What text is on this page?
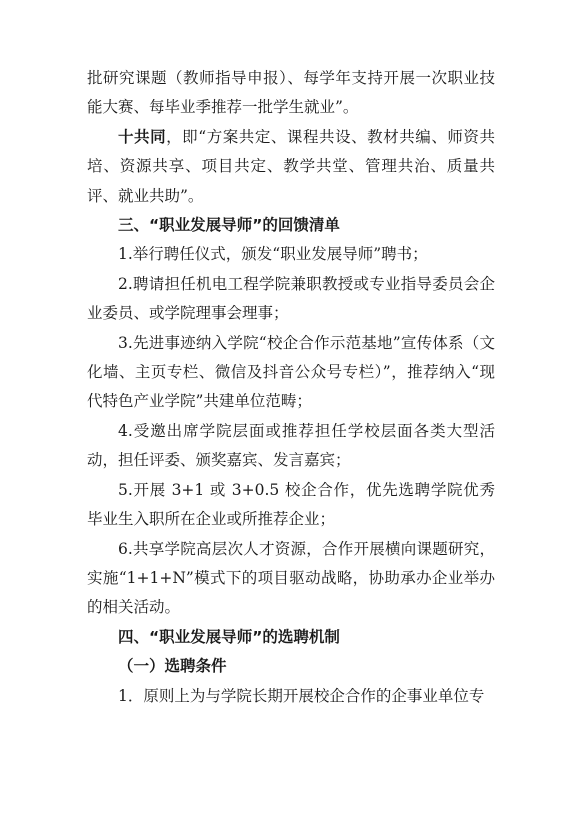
批研究课题（教师指导申报）、每学年支持开展一次职业技能大赛、每毕业季推荐一批学生就业”。

十共同，即“方案共定、课程共设、教材共编、师资共培、资源共享、项目共定、教学共堂、管理共治、质量共评、就业共助”。

三、“职业发展导师”的回馈清单

1.举行聘任仪式，颁发“职业发展导师”聘书；

2.聘请担任机电工程学院兼职教授或专业指导委员会企业委员、或学院理事会理事；

3.先进事迹纳入学院“校企合作示范基地”宣传体系（文化墙、主页专栏、微信及抖音公众号专栏）”，推荐纳入“现代特色产业学院”共建单位范畴；

4.受邀出席学院层面或推荐担任学校层面各类大型活动，担任评委、颁奖嘉宾、发言嘉宾；

5.开展 3+1 或 3+0.5 校企合作，优先选聘学院优秀毕业生入职所在企业或所推荐企业；

6.共享学院高层次人才资源，合作开展横向课题研究，实施“1+1+N”模式下的项目驱动战略，协助承办企业举办的相关活动。

四、“职业发展导师”的选聘机制

（一）选聘条件

1．原则上为与学院长期开展校企合作的企事业单位专
